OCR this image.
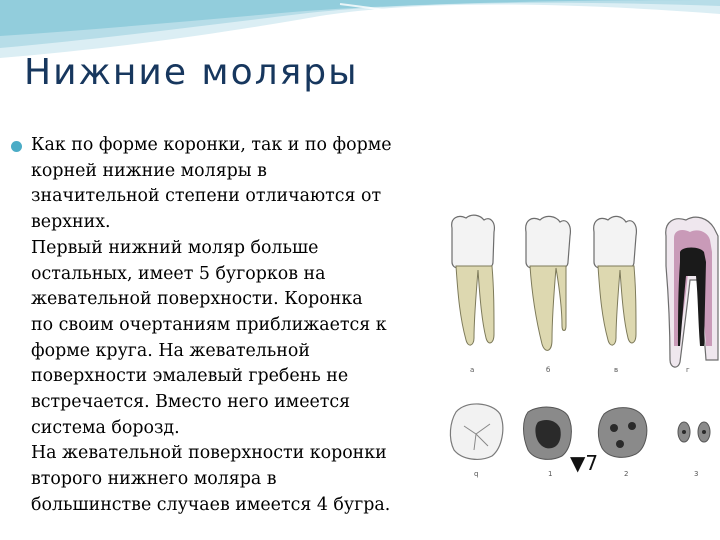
Нижние моляры
Как по форме коронки, так и по форме
корней нижние моляры в
значительной степени отличаются от
верхних.
Первый нижний моляр больше
остальных, имеет 5 бугорков на
жевательной поверхности. Коронка
по своим очертаниям приближается к
форме круга. На жевательной
поверхности эмалевый гребень не
встречается. Вместо него имеется
система борозд.
На жевательной поверхности коронки
второго нижнего моляра в
большинстве случаев имеется 4 бугра.
а	б	в	г
q	1	2	3
▼7
